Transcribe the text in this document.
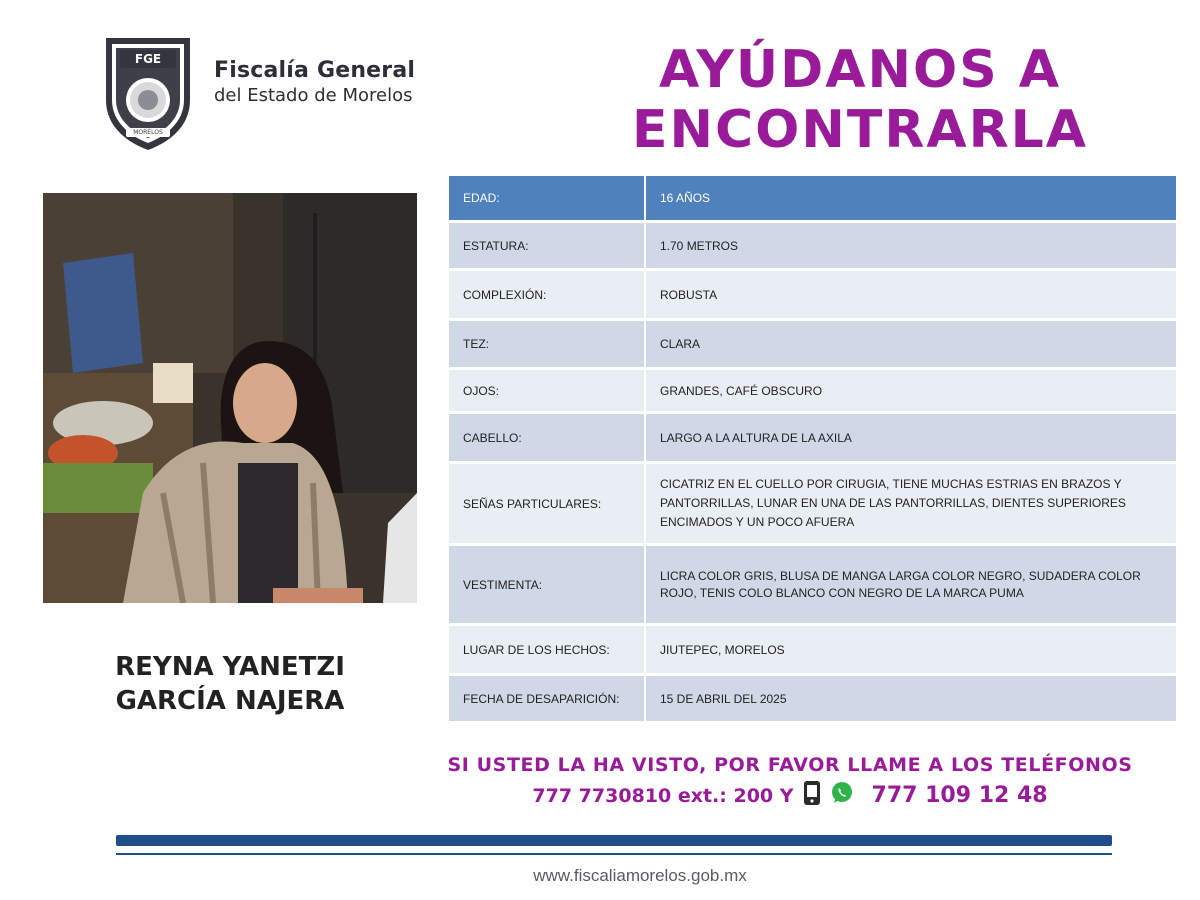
FGE
MORELOS
Fiscalía General
del Estado de Morelos	AYÚDANOS A
ENCONTRARLA
REYNA YANETZI
GARCÍA NAJERA
EDAD:	16 AÑOS
ESTATURA:	1.70 METROS
COMPLEXIÓN:	ROBUSTA
TEZ:	CLARA
OJOS:	GRANDES, CAFÉ OBSCURO
CABELLO:	LARGO A LA ALTURA DE LA AXILA
SEÑAS PARTICULARES:	CICATRIZ EN EL CUELLO POR CIRUGIA, TIENE MUCHAS ESTRIAS EN BRAZOS Y PANTORRILLAS, LUNAR EN UNA DE LAS PANTORRILLAS, DIENTES SUPERIORES ENCIMADOS Y UN POCO AFUERA
VESTIMENTA:	LICRA COLOR GRIS, BLUSA DE MANGA LARGA COLOR NEGRO, SUDADERA COLOR ROJO, TENIS COLO BLANCO CON NEGRO DE LA MARCA PUMA
LUGAR DE LOS HECHOS:	JIUTEPEC, MORELOS
FECHA DE DESAPARICIÓN:	15 DE ABRIL DEL 2025
SI USTED LA HA VISTO, POR FAVOR LLAME A LOS TELÉFONOS
777 7730810 ext.: 200 Y	777 109 12 48
www.fiscaliamorelos.gob.mx
